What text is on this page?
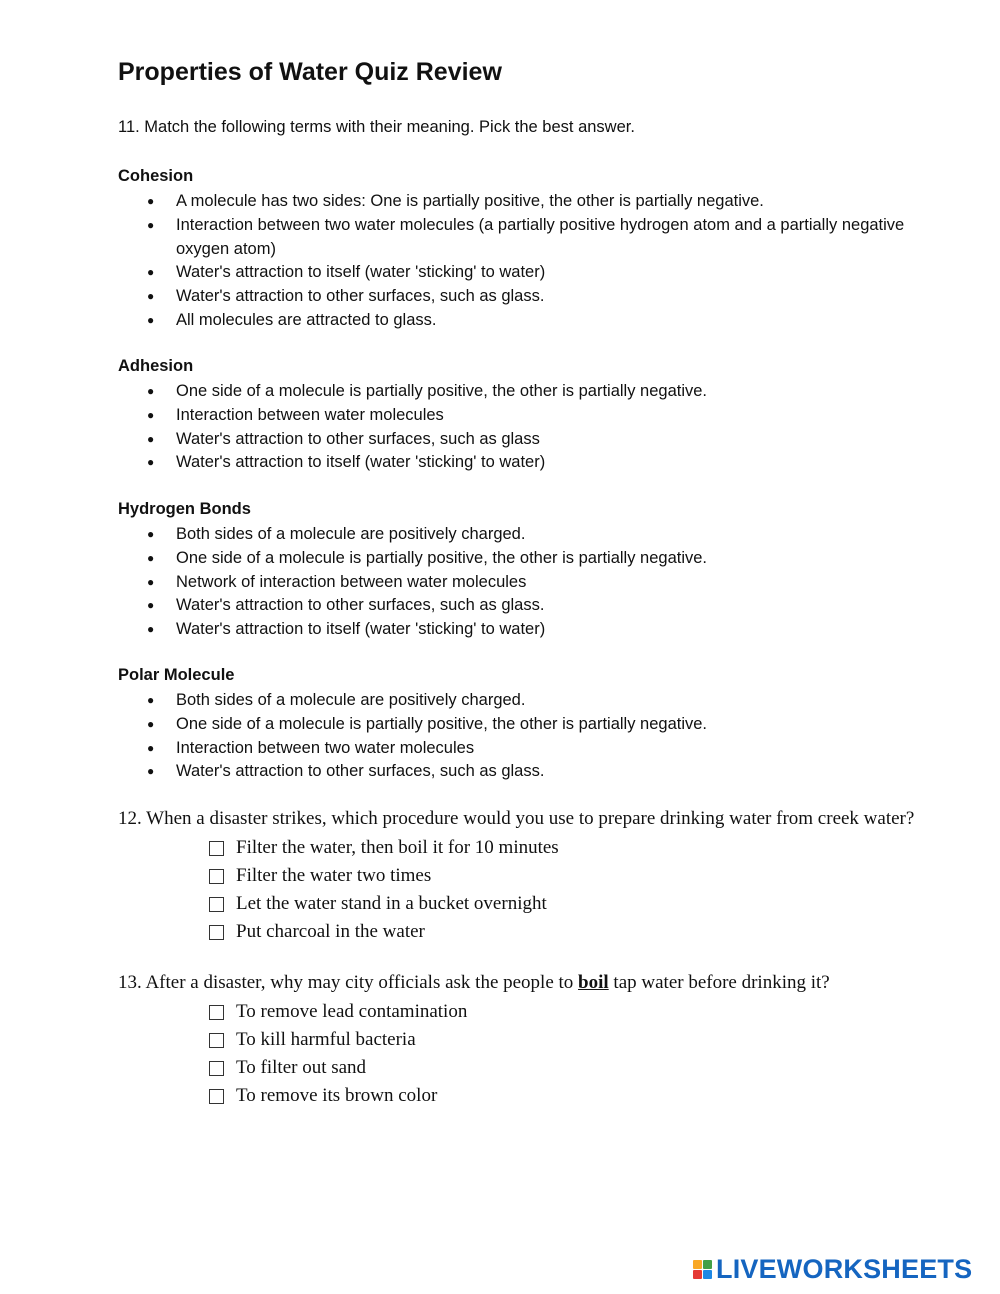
Properties of Water Quiz Review
11. Match the following terms with their meaning. Pick the best answer.
Cohesion
● A molecule has two sides: One is partially positive, the other is partially negative.
● Interaction between two water molecules (a partially positive hydrogen atom and a partially negative oxygen atom)
● Water's attraction to itself (water 'sticking' to water)
● Water's attraction to other surfaces, such as glass.
● All molecules are attracted to glass.
Adhesion
● One side of a molecule is partially positive, the other is partially negative.
● Interaction between water molecules
● Water's attraction to other surfaces, such as glass
● Water's attraction to itself (water 'sticking' to water)
Hydrogen Bonds
● Both sides of a molecule are positively charged.
● One side of a molecule is partially positive, the other is partially negative.
● Network of interaction between water molecules
● Water's attraction to other surfaces, such as glass.
● Water's attraction to itself (water 'sticking' to water)
Polar Molecule
● Both sides of a molecule are positively charged.
● One side of a molecule is partially positive, the other is partially negative.
● Interaction between two water molecules
● Water's attraction to other surfaces, such as glass.
12. When a disaster strikes, which procedure would you use to prepare drinking water from creek water?
Filter the water, then boil it for 10 minutes
Filter the water two times
Let the water stand in a bucket overnight
Put charcoal in the water
13. After a disaster, why may city officials ask the people to boil tap water before drinking it?
To remove lead contamination
To kill harmful bacteria
To filter out sand
To remove its brown color
LIVEWORKSHEETS
